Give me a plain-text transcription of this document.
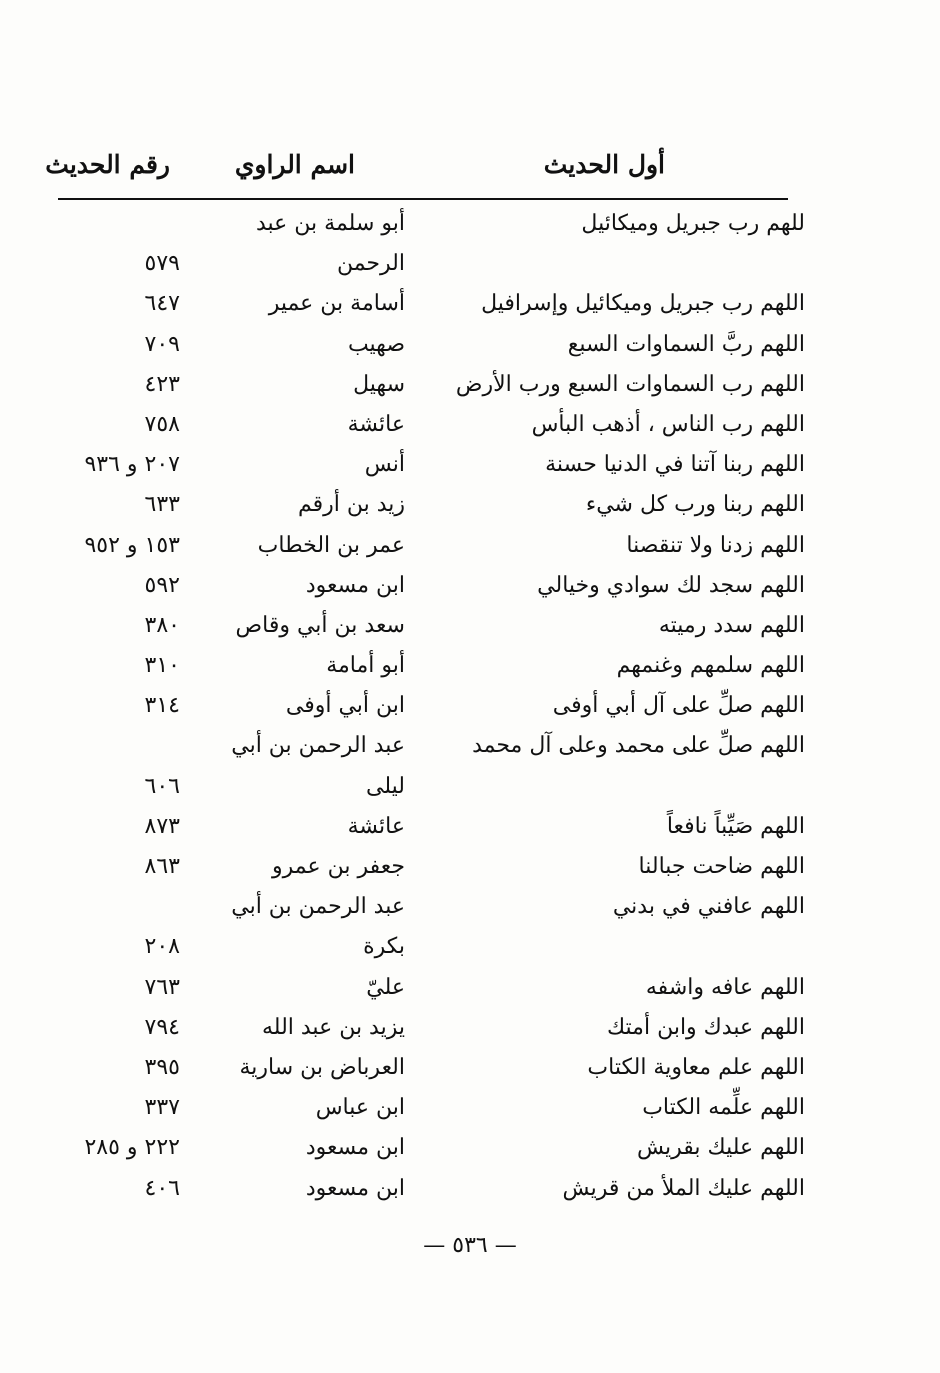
أول الحديث
اسم الراوي
رقم الحديث
للهم رب جبريل وميكائيل
أبو سلمة بن عبد
الرحمن
٥٧٩
اللهم رب جبريل وميكائيل وإسرافيل
أسامة بن عمير
٦٤٧
اللهم ربَّ السماوات السبع
صهيب
٧٠٩
اللهم رب السماوات السبع ورب الأرض
سهيل
٤٢٣
اللهم رب الناس ، أذهب البأس
عائشة
٧٥٨
اللهم ربنا آتنا في الدنيا حسنة
أنس
٢٠٧ و ٩٣٦
اللهم ربنا ورب كل شيء
زيد بن أرقم
٦٣٣
اللهم زدنا ولا تنقصنا
عمر بن الخطاب
١٥٣ و ٩٥٢
اللهم سجد لك سوادي وخيالي
ابن مسعود
٥٩٢
اللهم سدد رميته
سعد بن أبي وقاص
٣٨٠
اللهم سلمهم وغنمهم
أبو أمامة
٣١٠
اللهم صلِّ على آل أبي أوفى
ابن أبي أوفى
٣١٤
اللهم صلِّ على محمد وعلى آل محمد
عبد الرحمن بن أبي
ليلى
٦٠٦
اللهم صَيِّباً نافعاً
عائشة
٨٧٣
اللهم ضاحت جبالنا
جعفر بن عمرو
٨٦٣
اللهم عافني في بدني
عبد الرحمن بن أبي
بكرة
٢٠٨
اللهم عافه واشفه
عليّ
٧٦٣
اللهم عبدك وابن أمتك
يزيد بن عبد الله
٧٩٤
اللهم علم معاوية الكتاب
العرباض بن سارية
٣٩٥
اللهم علِّمه الكتاب
ابن عباس
٣٣٧
اللهم عليك بقريش
ابن مسعود
٢٢٢ و ٢٨٥
اللهم عليك الملأ من قريش
ابن مسعود
٤٠٦
— ٥٣٦ —
